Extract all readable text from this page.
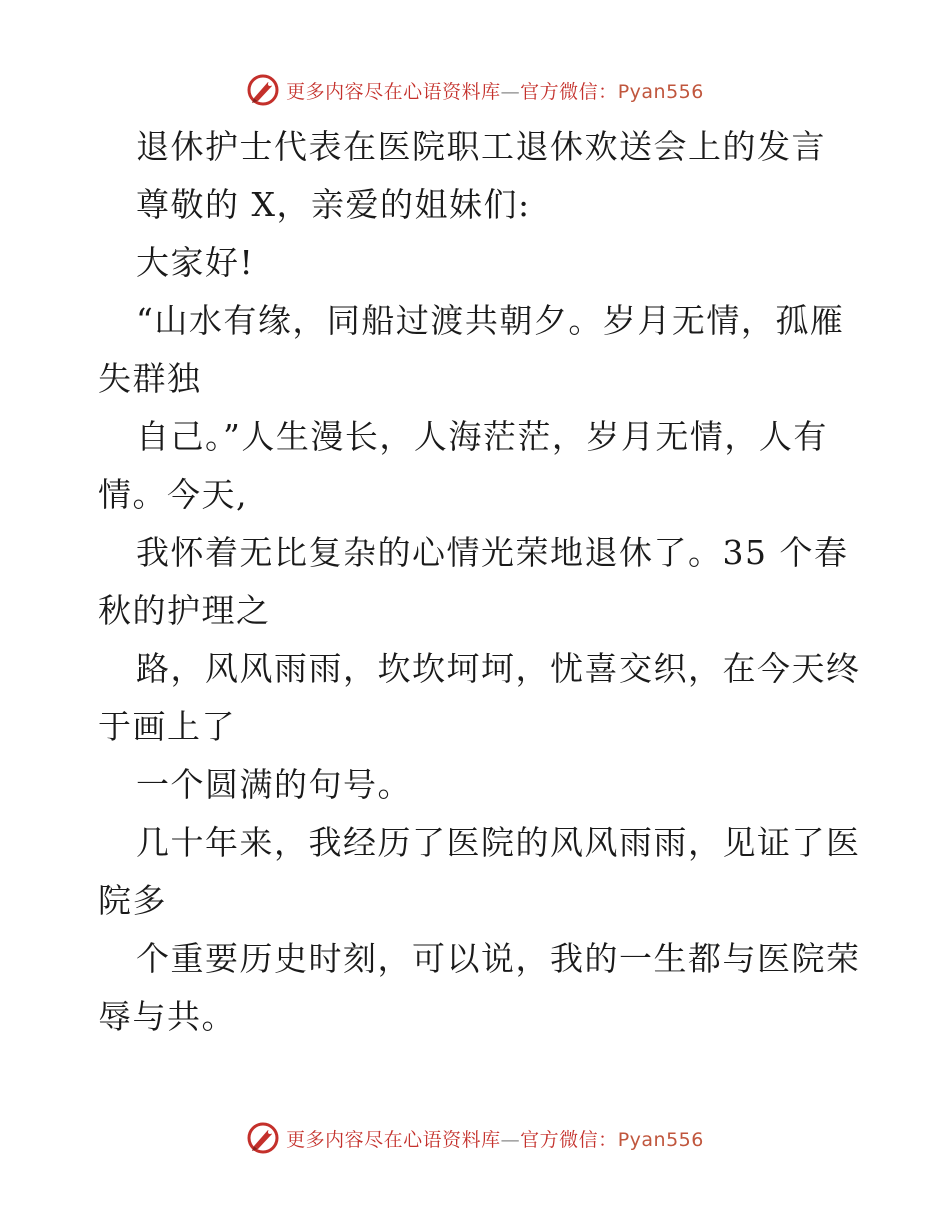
更多内容尽在心语资料库—官方微信：Pyan556
退休护士代表在医院职工退休欢送会上的发言
尊敬的 X，亲爱的姐妹们:
大家好!
“山水有缘，同船过渡共朝夕。岁月无情，孤雁
失群独
自己。”人生漫长，人海茫茫，岁月无情，人有
情。今天,
我怀着无比复杂的心情光荣地退休了。35 个春
秋的护理之
路，风风雨雨，坎坎坷坷，忧喜交织，在今天终
于画上了
一个圆满的句号。
几十年来，我经历了医院的风风雨雨，见证了医
院多
个重要历史时刻，可以说，我的一生都与医院荣
辱与共。
更多内容尽在心语资料库—官方微信：Pyan556
